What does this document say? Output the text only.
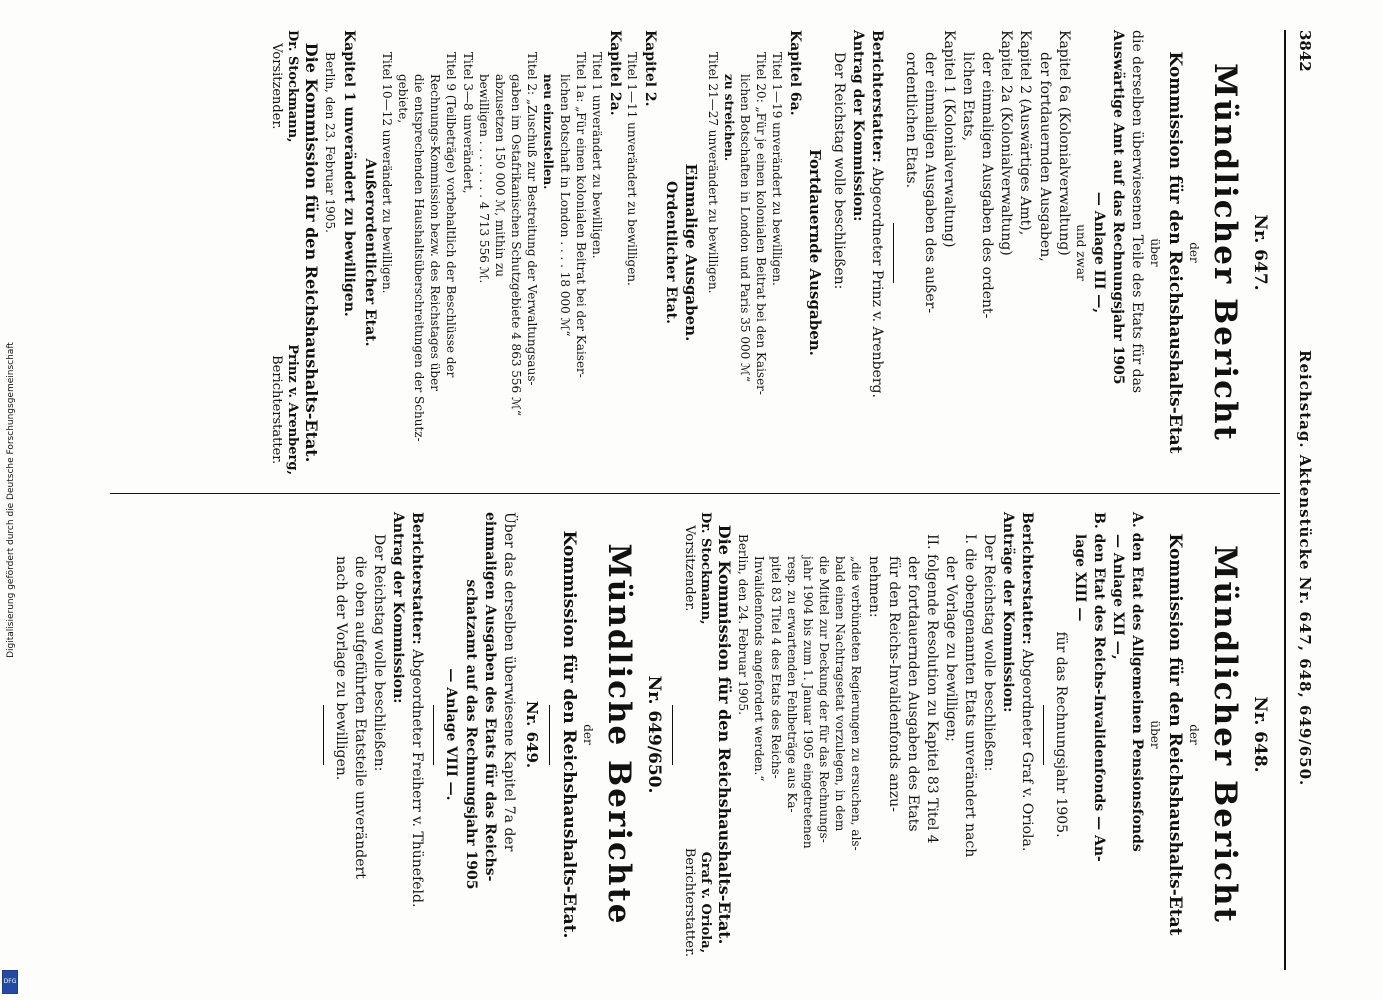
Digitalisierung gefördert durch die Deutsche Forschungsgemeinschaft
DFG
3842
Reichstag. Aktenstücke Nr. 647, 648, 649/650.
Nr. 647.
Mündlicher Bericht
der
Kommission für den Reichshaushalts-Etat
über
die derselben überwiesenen Teile des Etats für das
Auswärtige Amt auf das Rechnungsjahr 1905
— Anlage III —,
und zwar
Kapitel 6a (Kolonialverwaltung)
der fortdauernden Ausgaben,
Kapitel 2 (Auswärtiges Amt),
Kapitel 2a (Kolonialverwaltung)
der einmaligen Ausgaben des ordent-
lichen Etats,
Kapitel 1 (Kolonialverwaltung)
der einmaligen Ausgaben des außer-
ordentlichen Etats.
Berichterstatter: Abgeordneter Prinz v. Arenberg.
Antrag der Kommission:
Der Reichstag wolle beschließen:
Fortdauernde Ausgaben.
Kapitel 6a.
Titel 1—19 unverändert zu bewilligen.
Titel 20: „Für je einen kolonialen Beitrat bei den Kaiser-
lichen Botschaften in London und Paris 35 000 ℳ“
zu streichen.
Titel 21—27 unverändert zu bewilligen.
Einmalige Ausgaben.
Ordentlicher Etat.
Kapitel 2.
Titel 1—11 unverändert zu bewilligen.
Kapitel 2a.
Titel 1 unverändert zu bewilligen.
Titel 1a: „Für einen kolonialen Beitrat bei der Kaiser-
lichen Botschaft in London . . . . 18 000 ℳ“
neu einzustellen.
Titel 2: „Zuschuß zur Bestreitung der Verwaltungsaus-
gaben im Ostafrikanischen Schutzgebiete 4 863 556 ℳ“
abzusetzen 150 000 ℳ, mithin zu
bewilligen . . . . . . . . 4 713 556 ℳ.
Titel 3—8 unverändert,
Titel 9 (Teilbeträge) vorbehaltlich der Beschlüsse der
Rechnungs-Kommission bezw. des Reichstages über
die entsprechenden Haushaltsüberschreitungen der Schutz-
gebiete,
Titel 10—12 unverändert zu bewilligen.
Außerordentlicher Etat.
Kapitel 1 unverändert zu bewilligen.
Berlin, den 23. Februar 1905.
Die Kommission für den Reichshaushalts-Etat.
Dr. Stockmann,
Vorsitzender.
Prinz v. Arenberg,
Berichterstatter.
Nr. 648.
Mündlicher Bericht
der
Kommission für den Reichshaushalts-Etat
über
A. den Etat des Allgemeinen Pensionsfonds
— Anlage XII —,
B. den Etat des Reichs-Invalidenfonds — An-
lage XIII —
für das Rechnungsjahr 1905.
Berichterstatter: Abgeordneter Graf v. Oriola.
Anträge der Kommission:
Der Reichstag wolle beschließen:
I. die obengenannten Etats unverändert nach
der Vorlage zu bewilligen;
II. folgende Resolution zu Kapitel 83 Titel 4
der fortdauernden Ausgaben des Etats
für den Reichs-Invalidenfonds anzu-
nehmen:
„die verbündeten Regierungen zu ersuchen, als-
bald einen Nachtragsetat vorzulegen, in dem
die Mittel zur Deckung der für das Rechnungs-
jahr 1904 bis zum 1. Januar 1905 eingetretenen
resp. zu erwartenden Fehlbeträge aus Ka-
pitel 83 Titel 4 des Etats des Reichs-
Invalidenfonds angefordert werden.“
Berlin, den 24. Februar 1905.
Die Kommission für den Reichshaushalts-Etat.
Dr. Stockmann,
Vorsitzender.
Graf v. Oriola,
Berichterstatter.
Nr. 649/650.
Mündliche Berichte
der
Kommission für den Reichshaushalts-Etat.
Nr. 649.
Über das derselben überwiesene Kapitel 7a der
einmaligen Ausgaben des Etats für das Reichs-
schatzamt auf das Rechnungsjahr 1905
— Anlage VIII —.
Berichterstatter: Abgeordneter Freiherr v. Thünefeld.
Antrag der Kommission:
Der Reichstag wolle beschließen:
die oben aufgeführten Etatsteile unverändert
nach der Vorlage zu bewilligen.
